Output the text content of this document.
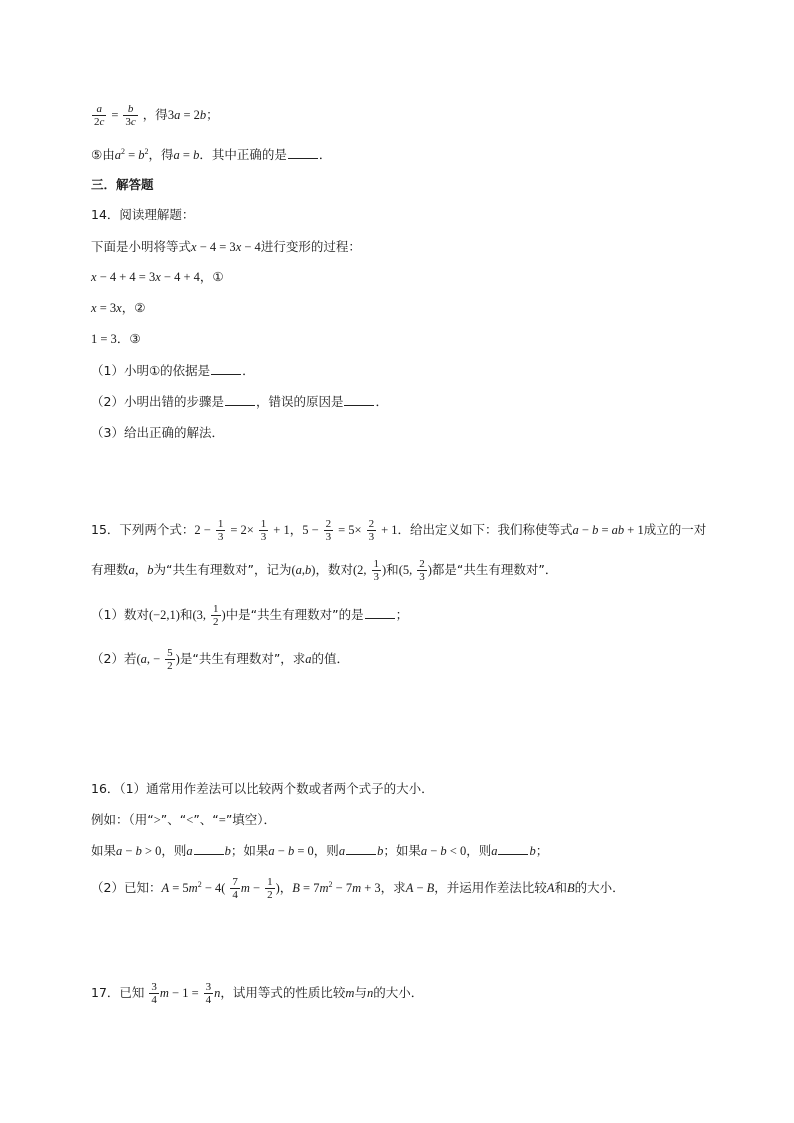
$\frac{a}{2c} = \frac{b}{3c}$ ，得3a = 2b；
⑤由$a^2 = b^2$，得a = b．其中正确的是	．
三．解答题
14．阅读理解题：
下面是小明将等式x − 4 = 3x − 4进行变形的过程：
x − 4 + 4 = 3x − 4 + 4，①
x = 3x，②
1 = 3．③
（1）小明①的依据是	．
（2）小明出错的步骤是	，错误的原因是	．
（3）给出正确的解法．
15．下列两个式：$2 - \frac{1}{3} = 2\times \frac{1}{3} + 1$，$5 - \frac{2}{3} = 5\times \frac{2}{3} + 1$．给出定义如下：我们称使等式a − b = ab + 1成立的一对
有理数a，b为“共生有理数对”，记为(a,b)，数对(2, $\frac{1}{3}$ )和(5, $\frac{2}{3}$ )都是“共生有理数对”．
（1）数对(−2,1)和(3, $\frac{1}{2}$ )中是“共生有理数对”的是	；
（2）若(a, − $\frac{5}{2}$ )是“共生有理数对”，求a的值．
16．（1）通常用作差法可以比较两个数或者两个式子的大小．
例如：（用“>”、“<”、“=”填空）．
如果a − b > 0，则a	b；如果a − b = 0，则a	b；如果a − b < 0，则a	b；
（2）已知：$A = 5m^2 - 4( \frac{7}{4}$ $m - \frac{1}{2}$ )，$B = 7m^2 - 7m + 3$，求A − B，并运用作差法比较A和B的大小．
17．已知 $\frac{3}{4}$ $m - 1 = \frac{3}{4}$ n，试用等式的性质比较m与n的大小．
